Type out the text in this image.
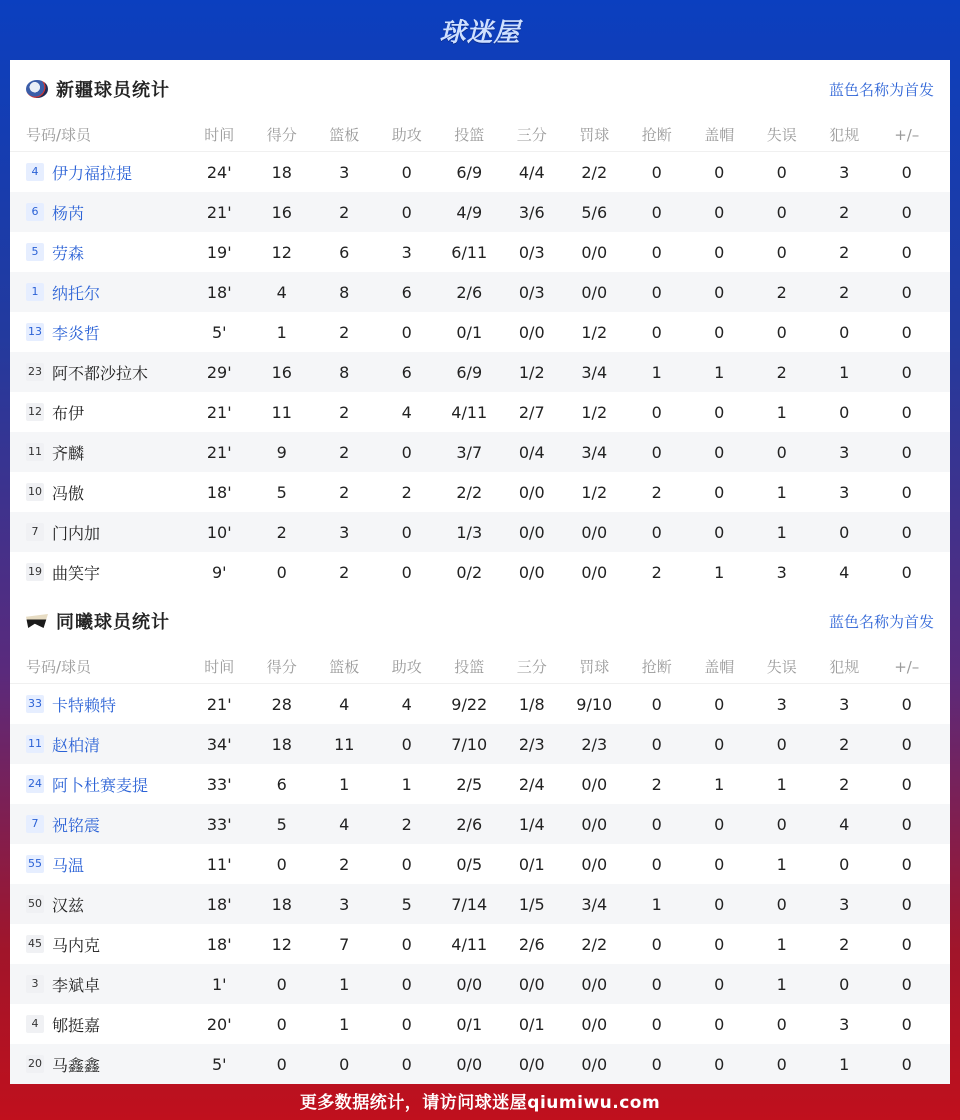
球迷屋
新疆球员统计	蓝色名称为首发
号码/球员	时间	得分	篮板	助攻	投篮	三分	罚球	抢断	盖帽	失误	犯规	+/–
4 伊力福拉提	24'	18	3	0	6/9	4/4	2/2	0	0	0	3	0
6 杨芮	21'	16	2	0	4/9	3/6	5/6	0	0	0	2	0
5 劳森	19'	12	6	3	6/11	0/3	0/0	0	0	0	2	0
1 纳托尔	18'	4	8	6	2/6	0/3	0/0	0	0	2	2	0
13 李炎哲	5'	1	2	0	0/1	0/0	1/2	0	0	0	0	0
23 阿不都沙拉木	29'	16	8	6	6/9	1/2	3/4	1	1	2	1	0
12 布伊	21'	11	2	4	4/11	2/7	1/2	0	0	1	0	0
11 齐麟	21'	9	2	0	3/7	0/4	3/4	0	0	0	3	0
10 冯傲	18'	5	2	2	2/2	0/0	1/2	2	0	1	3	0
7 门内加	10'	2	3	0	1/3	0/0	0/0	0	0	1	0	0
19 曲笑宇	9'	0	2	0	0/2	0/0	0/0	2	1	3	4	0
同曦球员统计	蓝色名称为首发
号码/球员	时间	得分	篮板	助攻	投篮	三分	罚球	抢断	盖帽	失误	犯规	+/–
33 卡特赖特	21'	28	4	4	9/22	1/8	9/10	0	0	3	3	0
11 赵柏清	34'	18	11	0	7/10	2/3	2/3	0	0	0	2	0
24 阿卜杜赛麦提	33'	6	1	1	2/5	2/4	0/0	2	1	1	2	0
7 祝铭震	33'	5	4	2	2/6	1/4	0/0	0	0	0	4	0
55 马温	11'	0	2	0	0/5	0/1	0/0	0	0	1	0	0
50 汉兹	18'	18	3	5	7/14	1/5	3/4	1	0	0	3	0
45 马内克	18'	12	7	0	4/11	2/6	2/2	0	0	1	2	0
3 李斌卓	1'	0	1	0	0/0	0/0	0/0	0	0	1	0	0
4 郇挺嘉	20'	0	1	0	0/1	0/1	0/0	0	0	0	3	0
20 马鑫鑫	5'	0	0	0	0/0	0/0	0/0	0	0	0	1	0
更多数据统计，请访问球迷屋qiumiwu.com
